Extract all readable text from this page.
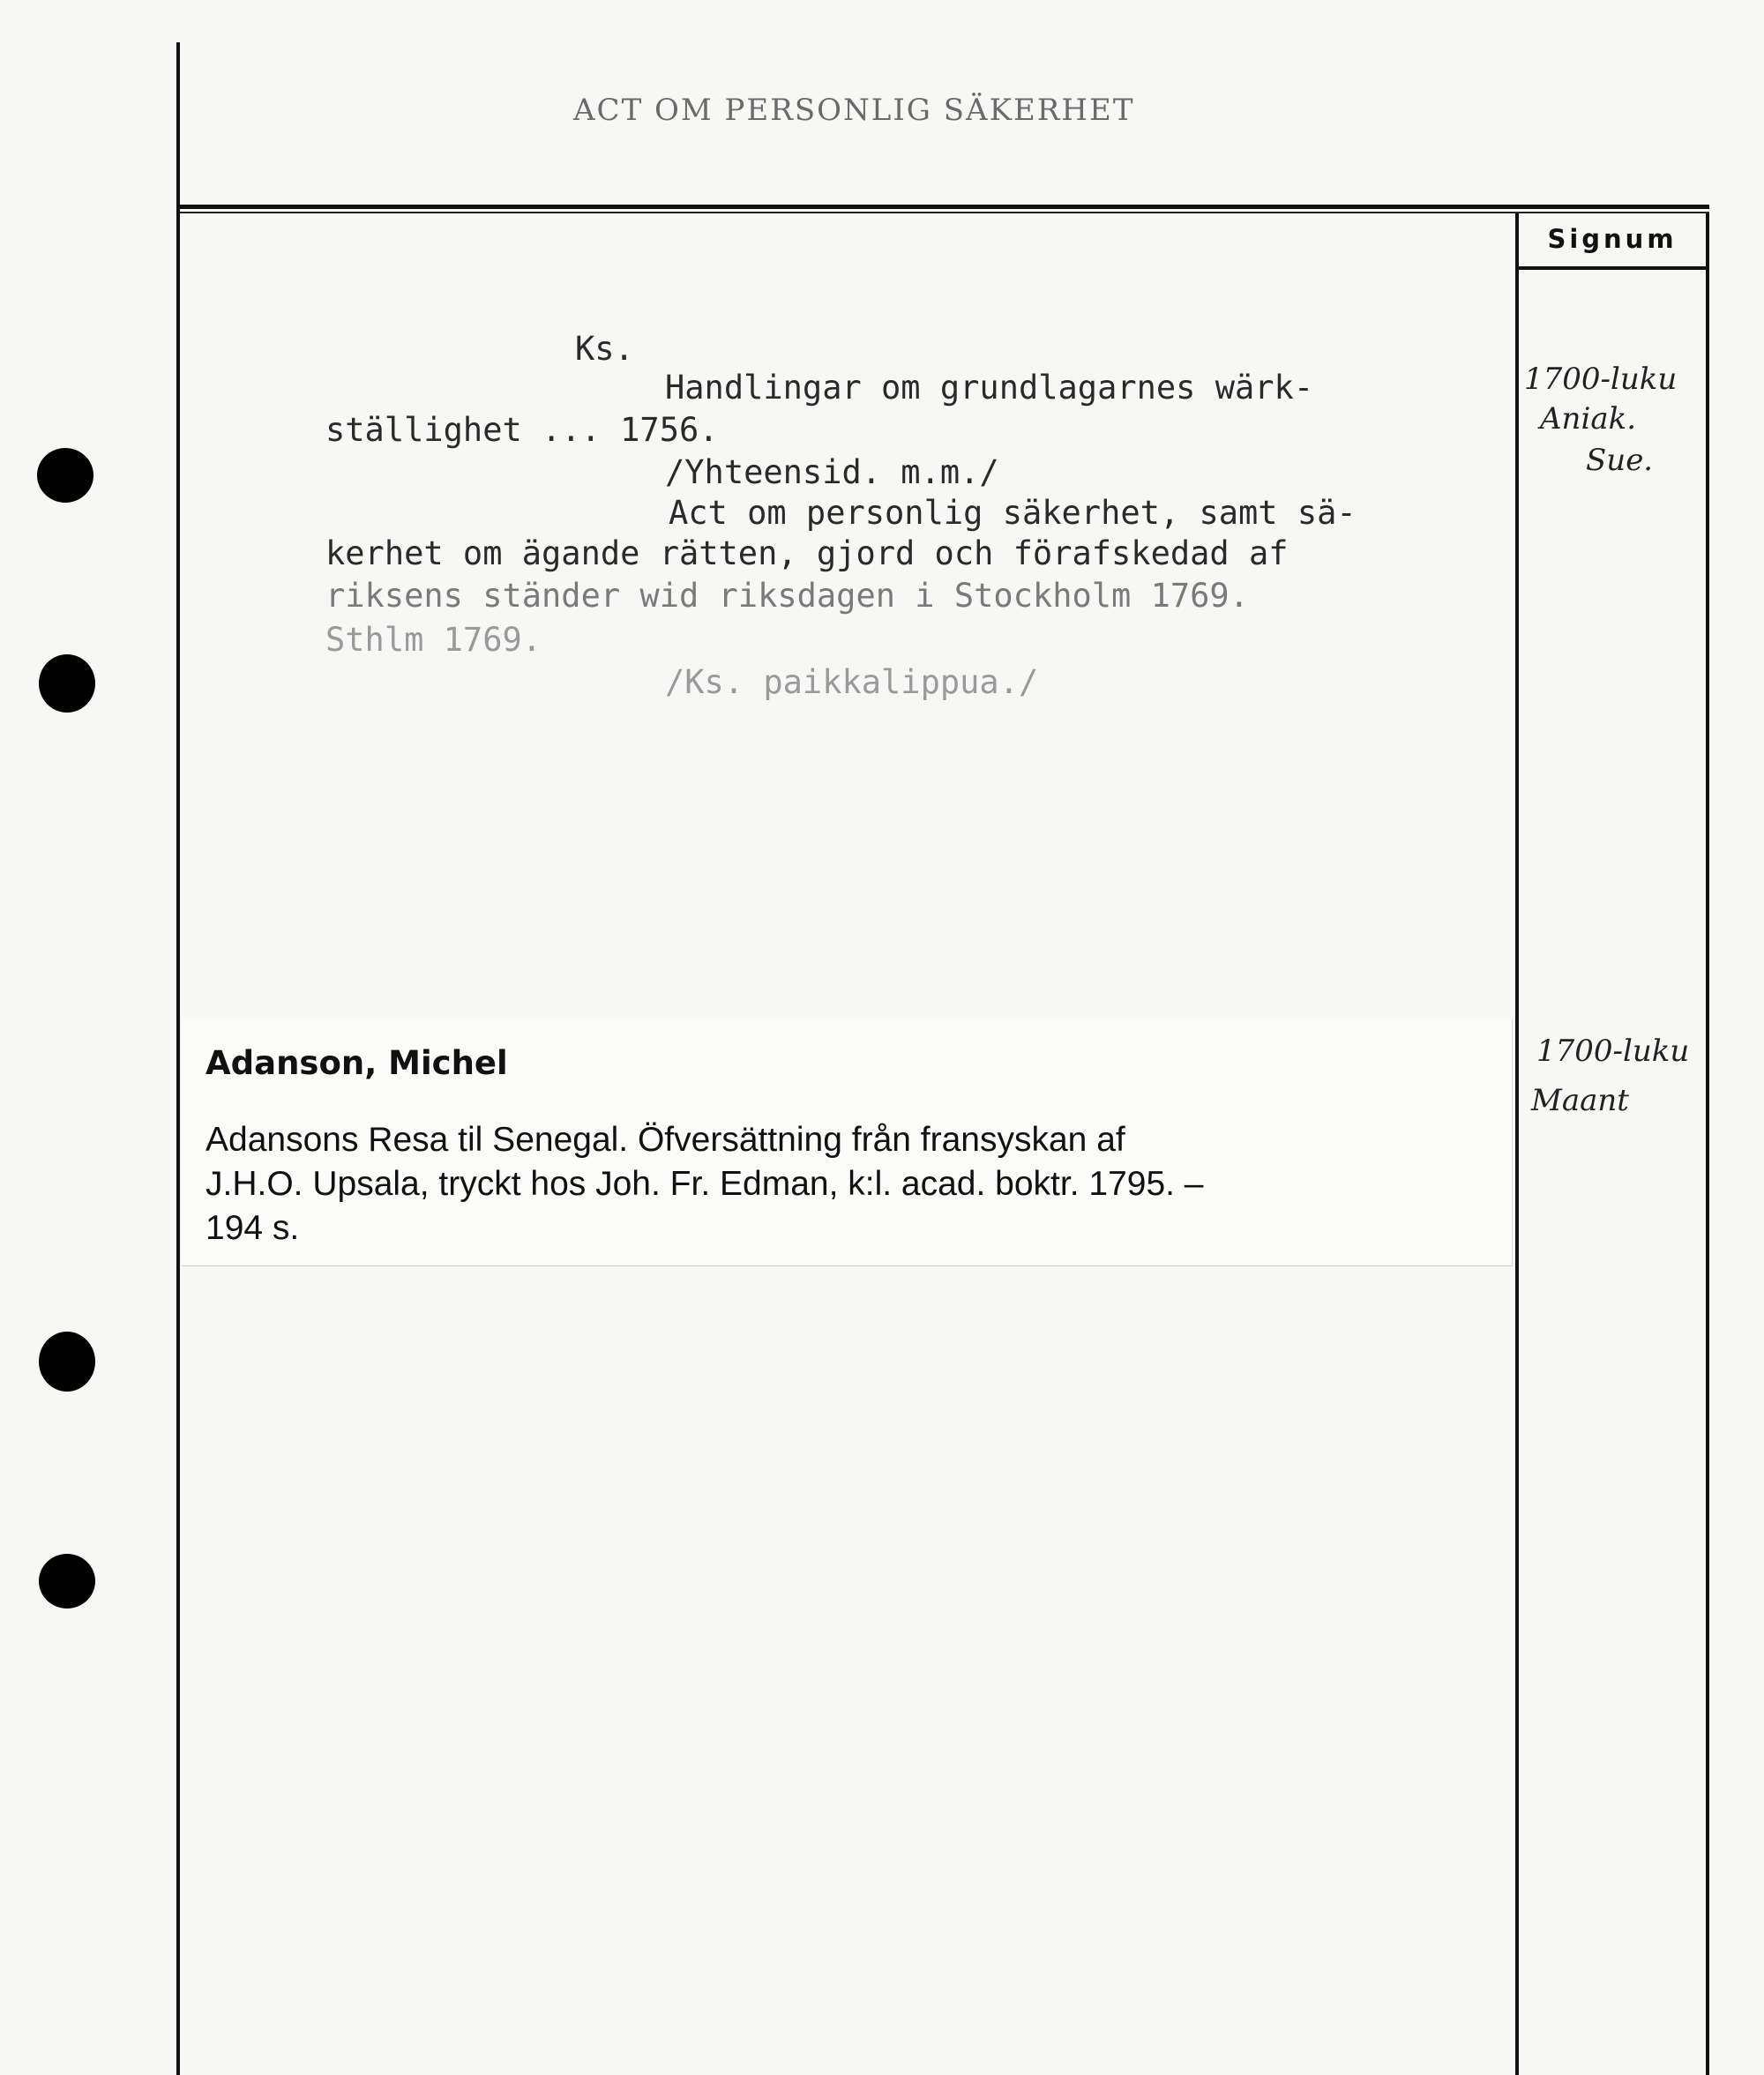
ACT OM PERSONLIG SÄKERHET
Signum
Ks.
Handlingar om grundlagarnes wärk-
ställighet ... 1756.
/Yhteensid. m.m./
Act om personlig säkerhet, samt sä-
kerhet om ägande rätten, gjord och förafskedad af
riksens ständer wid riksdagen i Stockholm 1769.
Sthlm 1769.
/Ks. paikkalippua./
Adanson, Michel
Adansons Resa til Senegal. Öfversättning från fransyskan af
J.H.O. Upsala, tryckt hos Joh. Fr. Edman, k:l. acad. boktr. 1795. –
194 s.
1700-luku
Aniak.
Sue.
1700-luku
Maant
